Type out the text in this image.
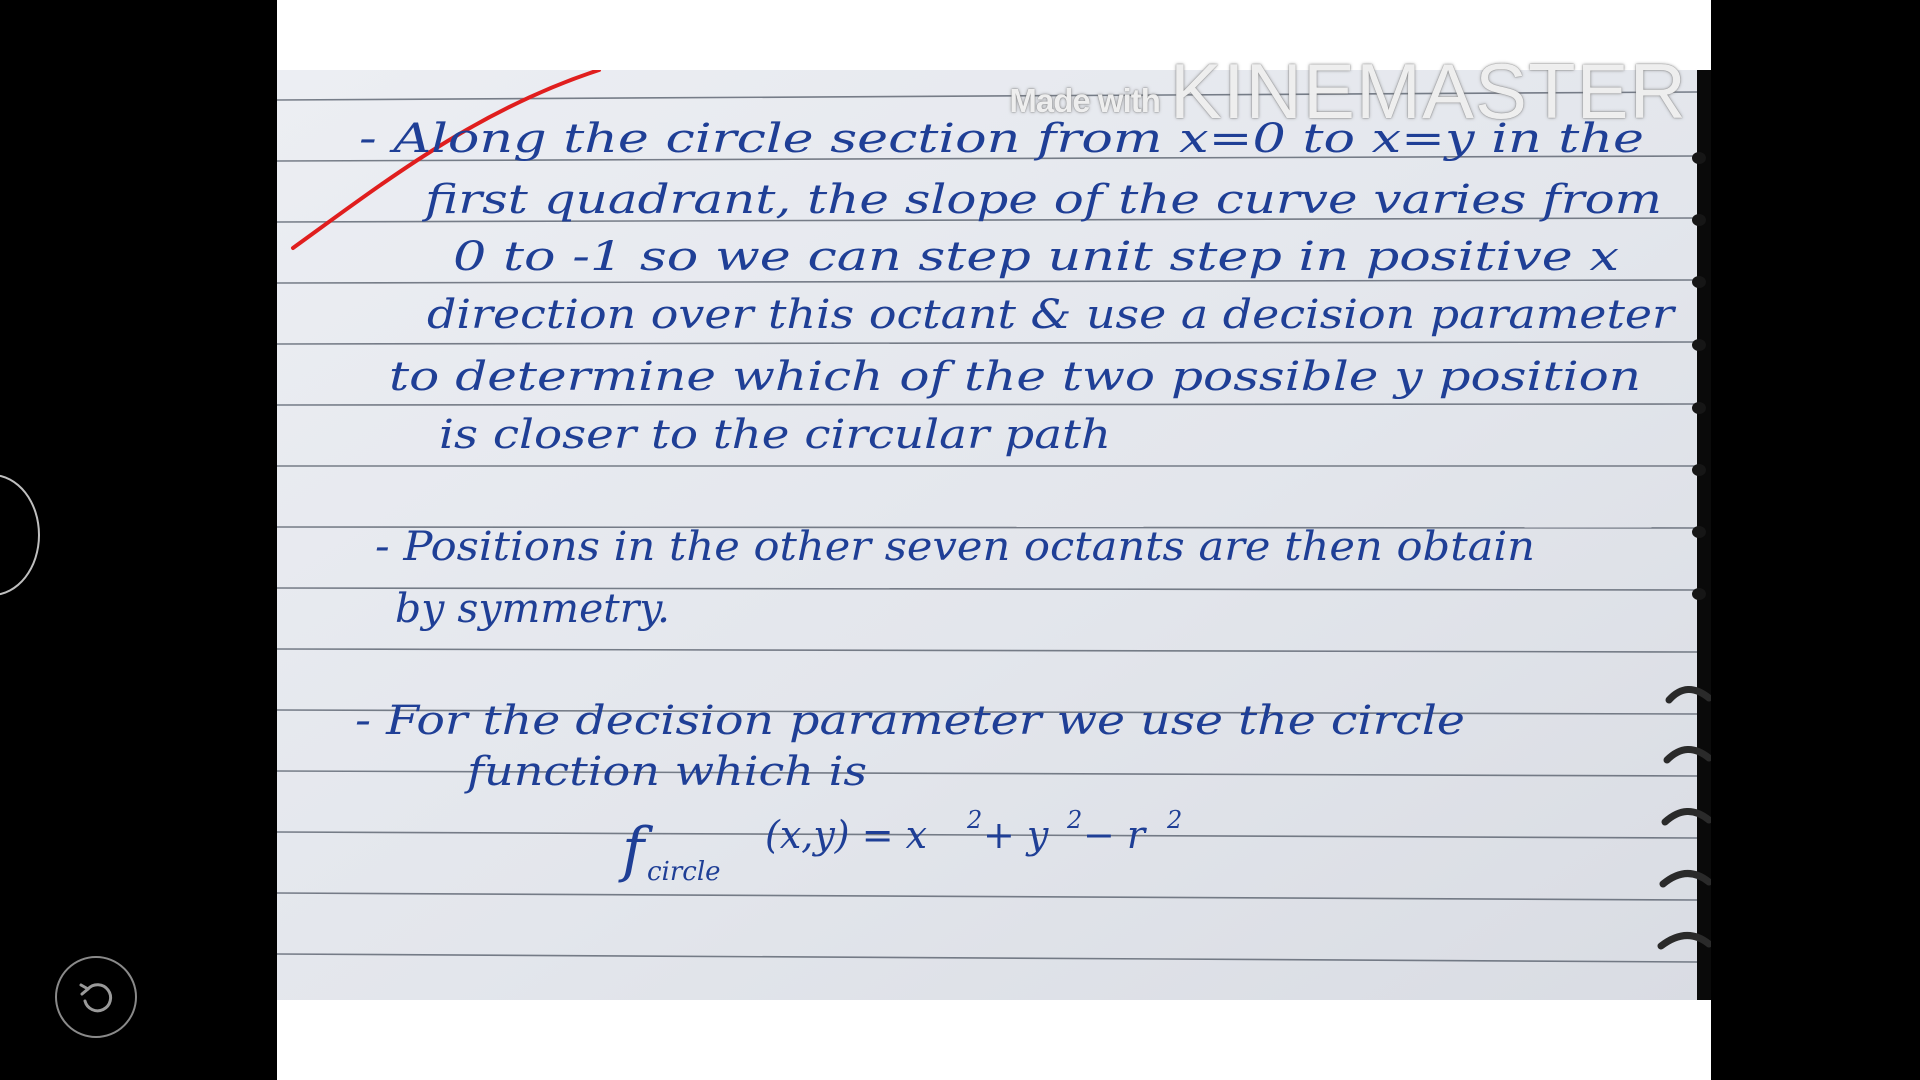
- Along the circle section from x=0 to x=y in the
first quadrant, the slope of the curve varies from
0 to -1 so we can step unit step in positive x
direction over this octant & use a decision parameter
to determine which of the two possible y position
is closer to the circular path
- Positions in the other seven octants are then obtain
by symmetry.
- For the decision parameter we use the circle
function which is
f circle
(x,y) = x 2 + y 2 − r 2
Made with KINEMASTER
